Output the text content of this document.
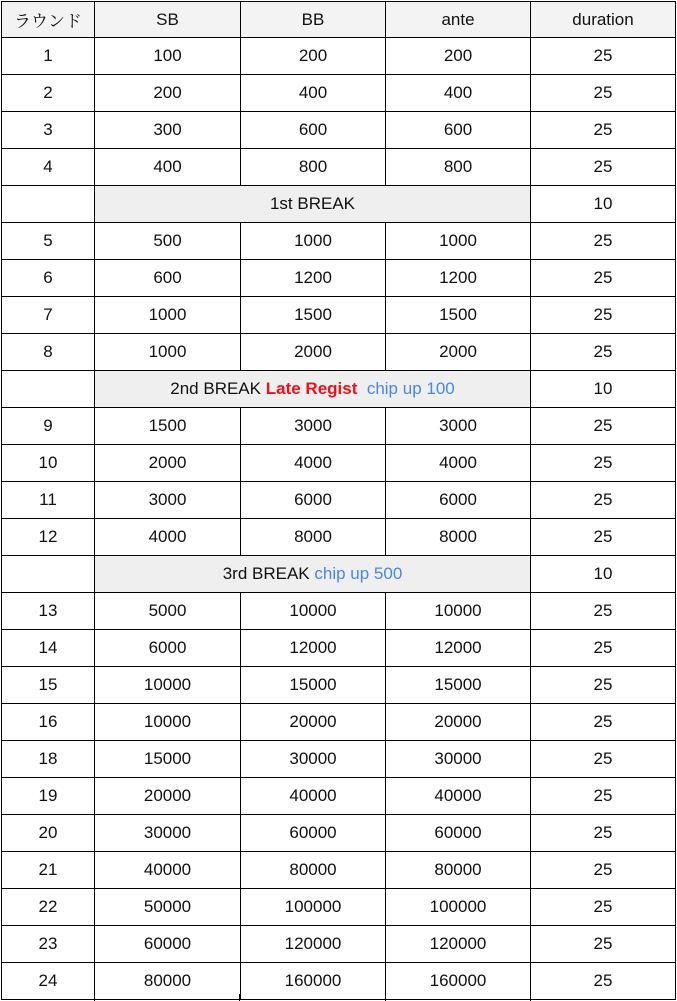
ラウンド	SB	BB	ante	duration
1	100	200	200	25
2	200	400	400	25
3	300	600	600	25
4	400	800	800	25
	1st BREAK			10
5	500	1000	1000	25
6	600	1200	1200	25
7	1000	1500	1500	25
8	1000	2000	2000	25
	2nd BREAK Late Regist chip up 100			10
9	1500	3000	3000	25
10	2000	4000	4000	25
11	3000	6000	6000	25
12	4000	8000	8000	25
	3rd BREAK chip up 500			10
13	5000	10000	10000	25
14	6000	12000	12000	25
15	10000	15000	15000	25
16	10000	20000	20000	25
18	15000	30000	30000	25
19	20000	40000	40000	25
20	30000	60000	60000	25
21	40000	80000	80000	25
22	50000	100000	100000	25
23	60000	120000	120000	25
24	80000	160000	160000	25
